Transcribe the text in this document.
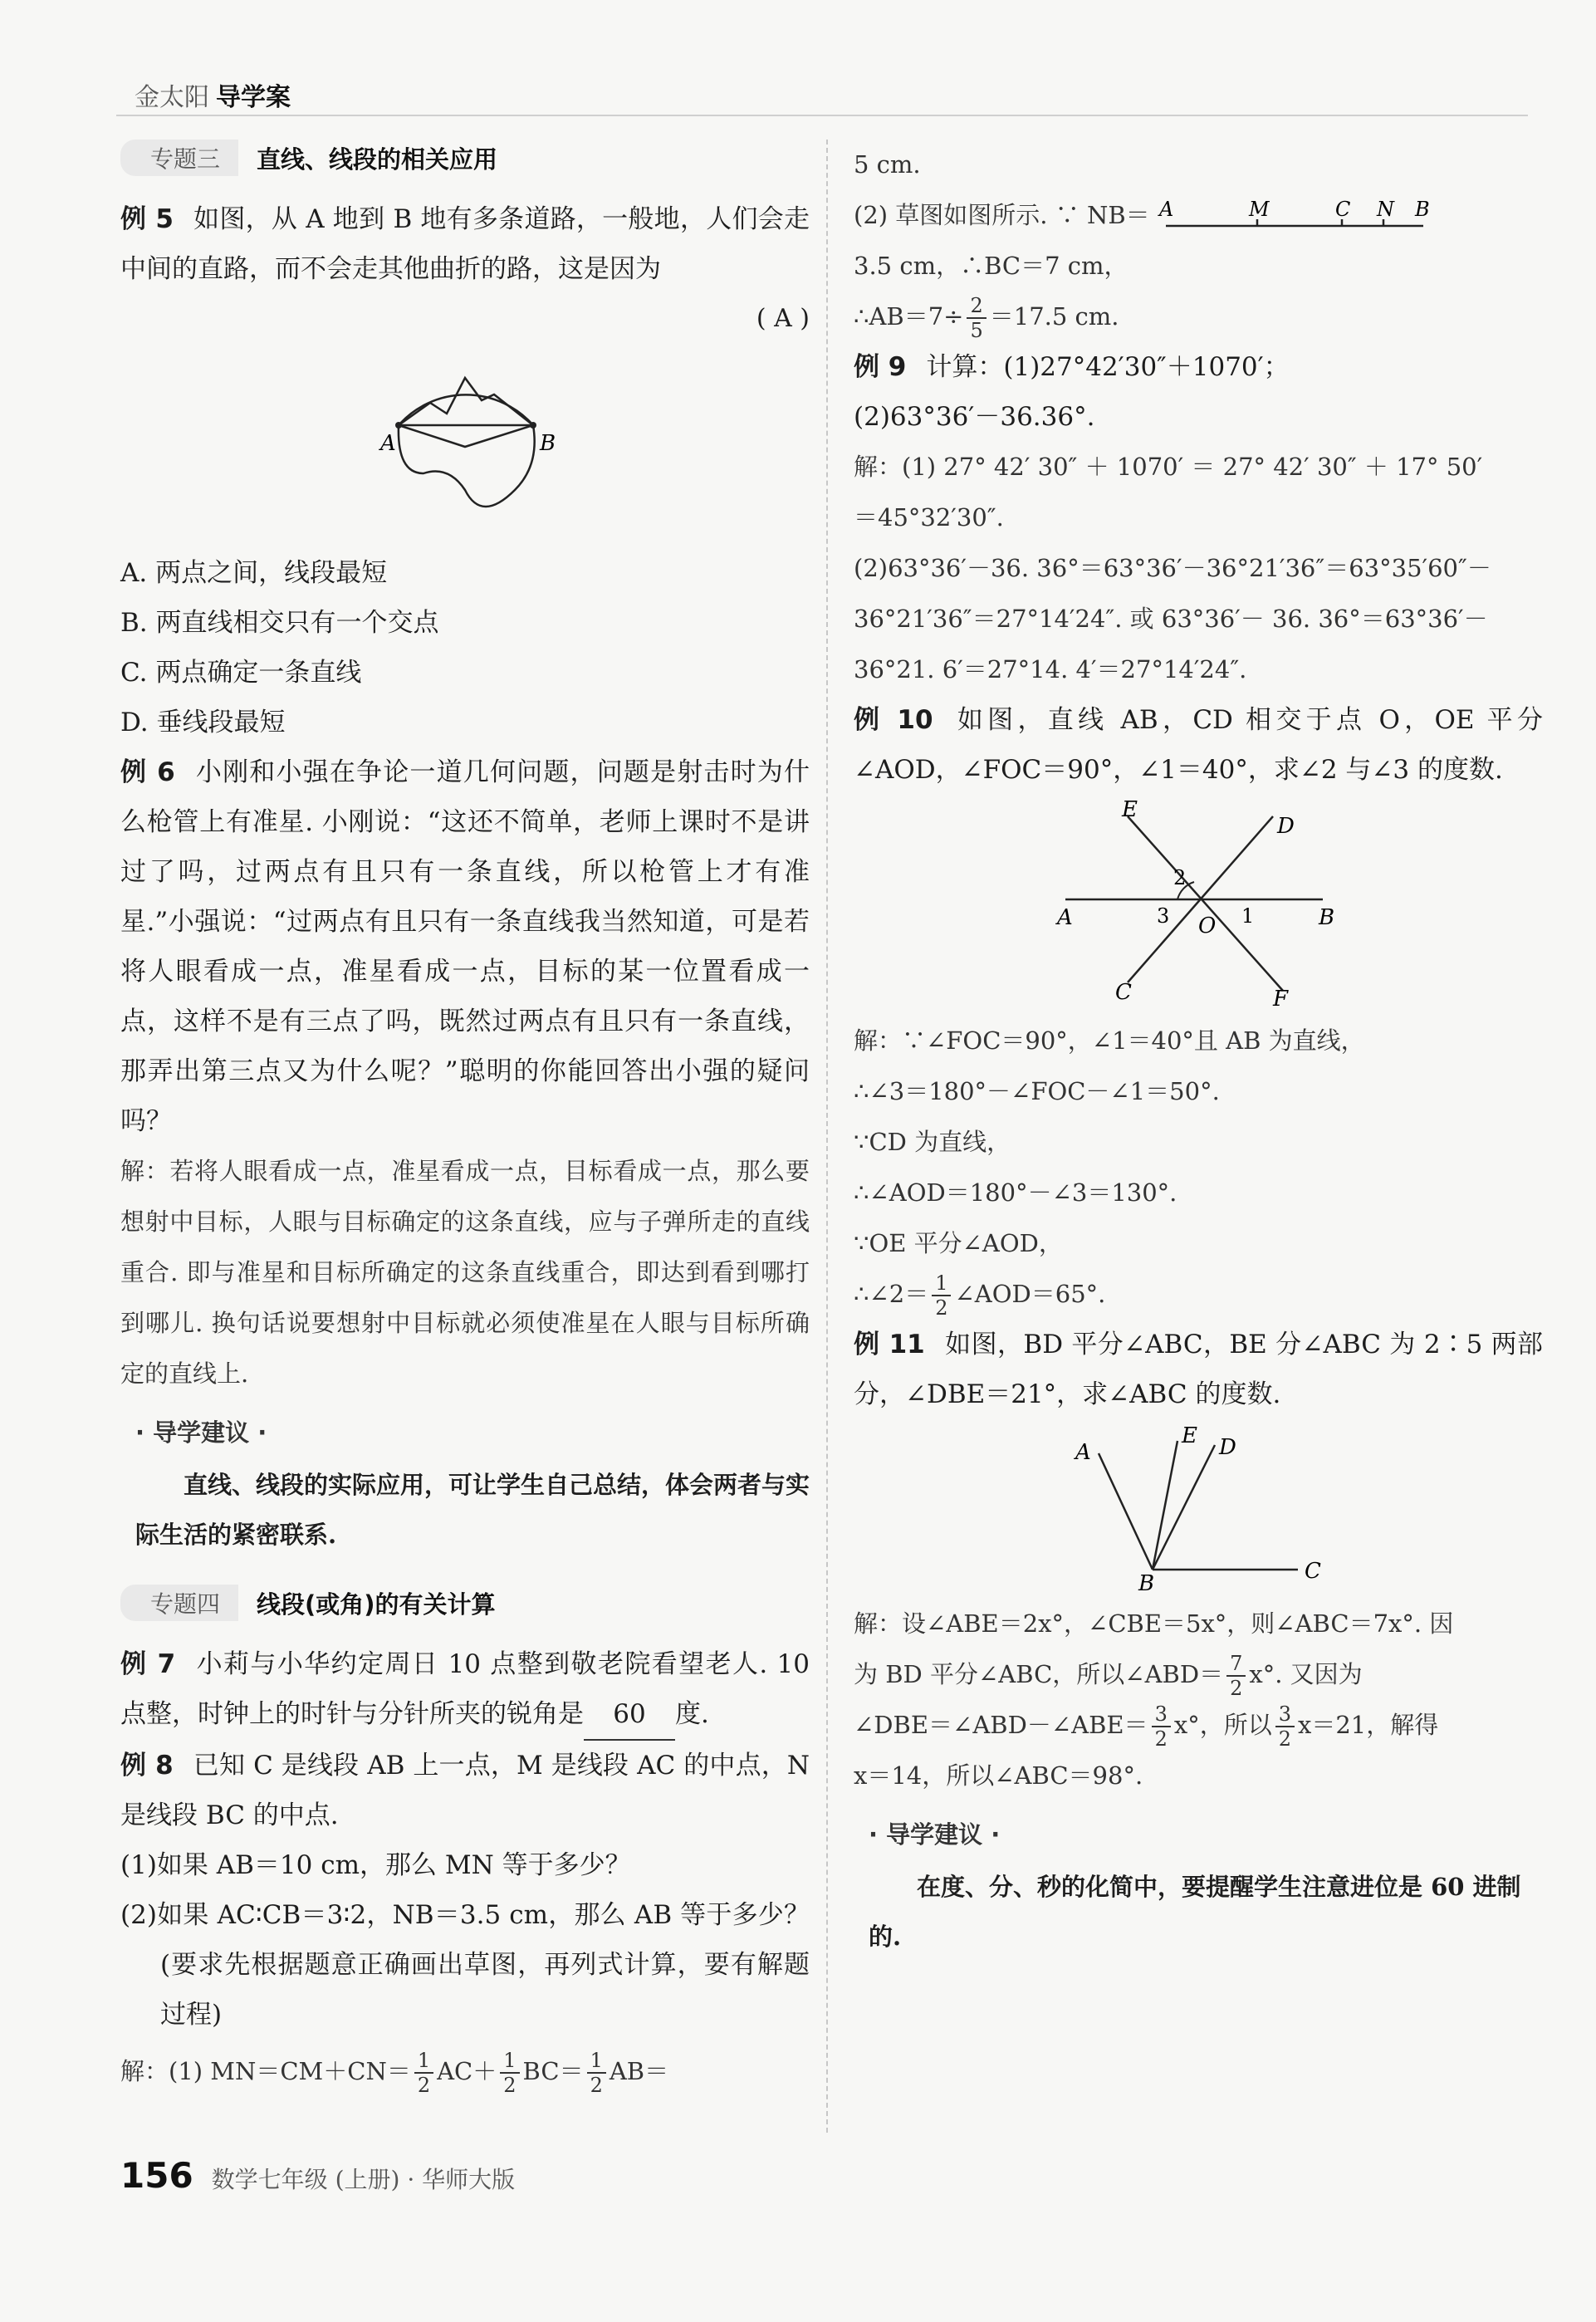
金太阳 导学案
专题三	直线、线段的相关应用

例 5 如图，从 A 地到 B 地有多条道路，一般地，人们会走中间的直路，而不会走其他曲折的路，这是因为

( A )

A	B

A. 两点之间，线段最短

B. 两直线相交只有一个交点

C. 两点确定一条直线

D. 垂线段最短

例 6 小刚和小强在争论一道几何问题，问题是射击时为什么枪管上有准星. 小刚说：“这还不简单，老师上课时不是讲过了吗，过两点有且只有一条直线，所以枪管上才有准星.”小强说：“过两点有且只有一条直线我当然知道，可是若将人眼看成一点，准星看成一点，目标的某一位置看成一点，这样不是有三点了吗，既然过两点有且只有一条直线，那弄出第三点又为什么呢？”聪明的你能回答出小强的疑问吗？

解：若将人眼看成一点，准星看成一点，目标看成一点，那么要想射中目标，人眼与目标确定的这条直线，应与子弹所走的直线重合. 即与准星和目标所确定的这条直线重合，即达到看到哪打到哪儿. 换句话说要想射中目标就必须使准星在人眼与目标所确定的直线上.

· 导学建议 ·
直线、线段的实际应用，可让学生自己总结，体会两者与实际生活的紧密联系.
专题四	线段(或角)的有关计算

例 7 小莉与小华约定周日 10 点整到敬老院看望老人. 10 点整，时钟上的时针与分针所夹的锐角是 60 度.

例 8 已知 C 是线段 AB 上一点，M 是线段 AC 的中点，N 是线段 BC 的中点.

(1)如果 AB＝10 cm，那么 MN 等于多少？

(2)如果 AC∶CB＝3∶2，NB＝3.5 cm，那么 AB 等于多少？(要求先根据题意正确画出草图，再列式计算，要有解题过程)

解：(1) $MN=CM+CN= \frac{1}{2} AC+ \frac{1}{2} BC= \frac{1}{2} AB=$

5 cm.

(2) 草图如图所示. ∵ NB＝ A	M	C N B

3.5 cm，∴BC＝7 cm，

∴AB＝7÷ $\frac{2}{5} =17.5$ cm.

例 9 计算：(1)27°42′30″＋1070′；

(2)63°36′－36.36°.

解：(1) 27° 42′ 30″ ＋ 1070′ ＝ 27° 42′ 30″ ＋ 17° 50′

＝45°32′30″.

(2)63°36′－36. 36°＝63°36′－36°21′36″＝63°35′60″－

36°21′36″＝27°14′24″. 或 63°36′－ 36. 36°＝63°36′－

36°21. 6′＝27°14. 4′＝27°14′24″.

例 10 如图，直线 AB，CD 相交于点 O，OE 平分∠AOD，∠FOC＝90°，∠1＝40°，求∠2 与∠3 的度数.

E
D
A	B
C	F
O 1
2
3

解：∵∠FOC＝90°，∠1＝40°且 AB 为直线，

∴∠3＝180°－∠FOC－∠1＝50°.

∵CD 为直线，

∴∠AOD＝180°－∠3＝130°.

∵OE 平分∠AOD，

∴∠2＝ $\frac{1}{2}$ ∠AOD＝65°.

例 11 如图，BD 平分∠ABC，BE 分∠ABC 为 2∶5 两部分，∠DBE＝21°，求∠ABC 的度数.

A
E D
B	C

解：设∠ABE＝2x°，∠CBE＝5x°，则∠ABC＝7x°. 因

为 BD 平分∠ABC，所以∠ABD＝ $\frac{7}{2} x^\circ$. 又因为

∠DBE＝∠ABD－∠ABE＝ $\frac{3}{2} x^\circ$，所以 $\frac{3}{2} x=21$，解得

x＝14，所以∠ABC＝98°.

· 导学建议 ·
在度、分、秒的化简中，要提醒学生注意进位是 60 进制的.
156 数学七年级 (上册) · 华师大版
